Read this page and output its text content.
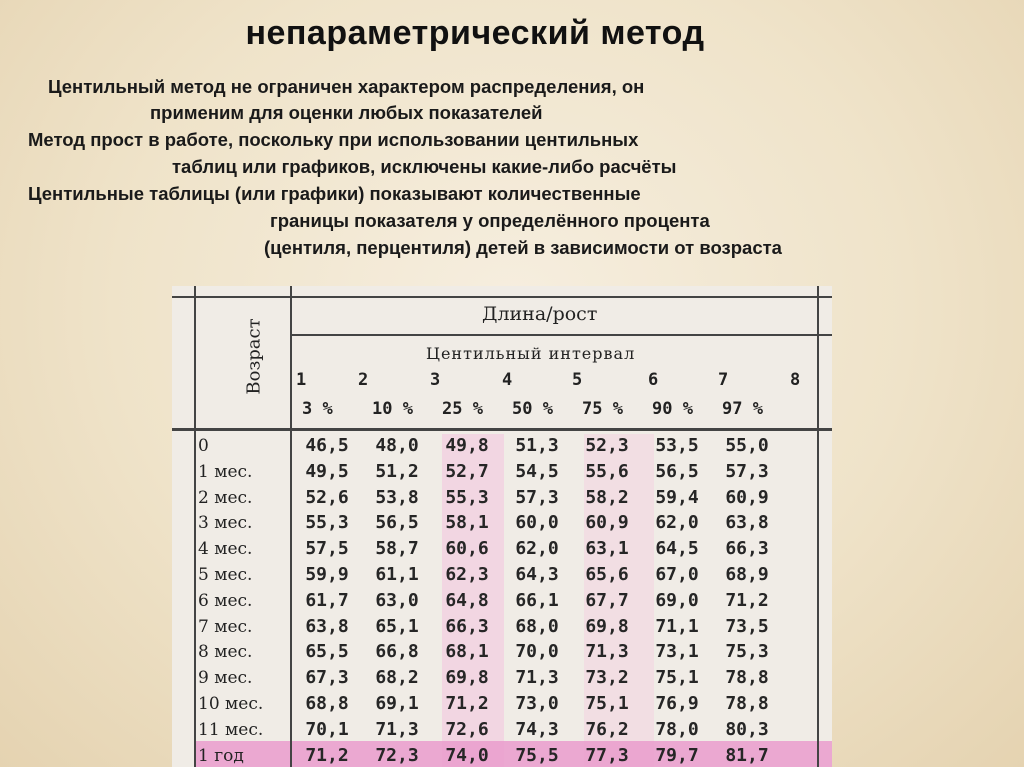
непараметрический метод
Центильный метод не ограничен характером распределения, он
применим для оценки любых показателей
Метод прост в работе, поскольку при использовании центильных
таблиц или графиков, исключены какие-либо расчёты
Центильные таблицы (или графики) показывают количественные
границы показателя у определённого процента
(центиля, перцентиля) детей в зависимости от возраста
Возраст
Длина/рост
Центильный интервал
1	2	3	4	5	6	7	8
3 % 10 % 25 % 50 % 75 % 90 % 97 %
0	46,5	48,0	49,8	51,3	52,3	53,5	55,0
1 мес.	49,5	51,2	52,7	54,5	55,6	56,5	57,3
2 мес.	52,6	53,8	55,3	57,3	58,2	59,4	60,9
3 мес.	55,3	56,5	58,1	60,0	60,9	62,0	63,8
4 мес.	57,5	58,7	60,6	62,0	63,1	64,5	66,3
5 мес.	59,9	61,1	62,3	64,3	65,6	67,0	68,9
6 мес.	61,7	63,0	64,8	66,1	67,7	69,0	71,2
7 мес.	63,8	65,1	66,3	68,0	69,8	71,1	73,5
8 мес.	65,5	66,8	68,1	70,0	71,3	73,1	75,3
9 мес.	67,3	68,2	69,8	71,3	73,2	75,1	78,8
10 мес.	68,8	69,1	71,2	73,0	75,1	76,9	78,8
11 мес.	70,1	71,3	72,6	74,3	76,2	78,0	80,3
1 год	71,2	72,3	74,0	75,5	77,3	79,7	81,7
